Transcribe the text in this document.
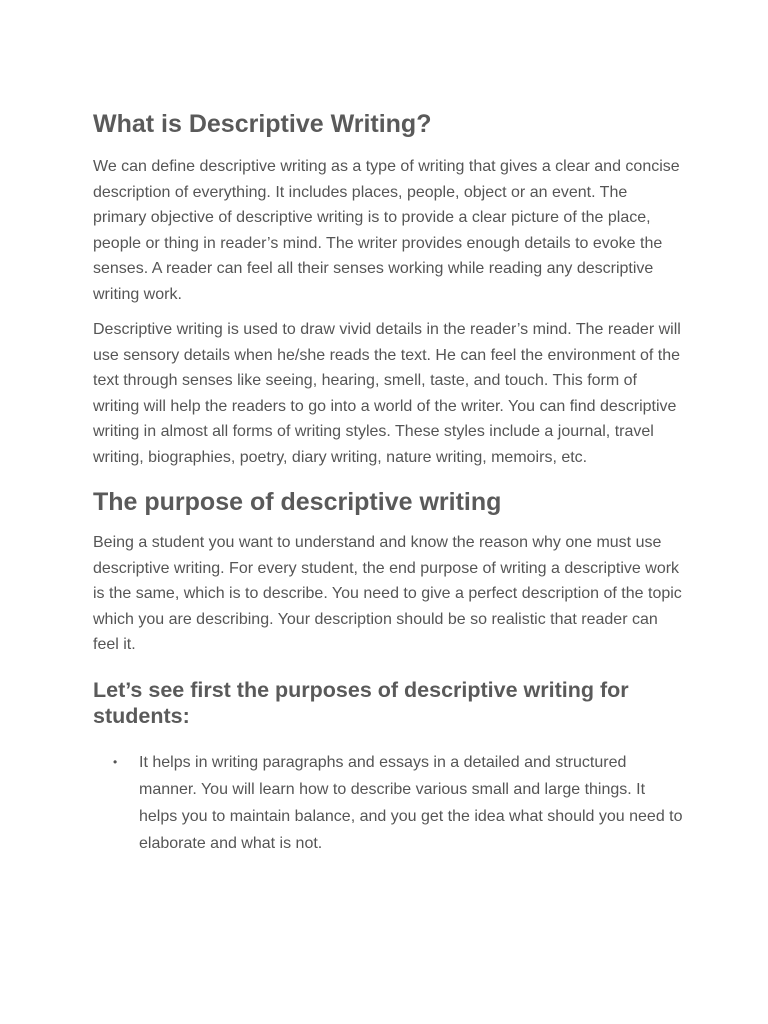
What is Descriptive Writing?

We can define descriptive writing as a type of writing that gives a clear and concise description of everything. It includes places, people, object or an event. The primary objective of descriptive writing is to provide a clear picture of the place, people or thing in reader’s mind. The writer provides enough details to evoke the senses. A reader can feel all their senses working while reading any descriptive writing work.

Descriptive writing is used to draw vivid details in the reader’s mind. The reader will use sensory details when he/she reads the text. He can feel the environment of the text through senses like seeing, hearing, smell, taste, and touch. This form of writing will help the readers to go into a world of the writer. You can find descriptive writing in almost all forms of writing styles. These styles include a journal, travel writing, biographies, poetry, diary writing, nature writing, memoirs, etc.

The purpose of descriptive writing

Being a student you want to understand and know the reason why one must use descriptive writing. For every student, the end purpose of writing a descriptive work is the same, which is to describe. You need to give a perfect description of the topic which you are describing. Your description should be so realistic that reader can feel it.

Let’s see first the purposes of descriptive writing for students:
• It helps in writing paragraphs and essays in a detailed and structured manner. You will learn how to describe various small and large things. It helps you to maintain balance, and you get the idea what should you need to elaborate and what is not.
